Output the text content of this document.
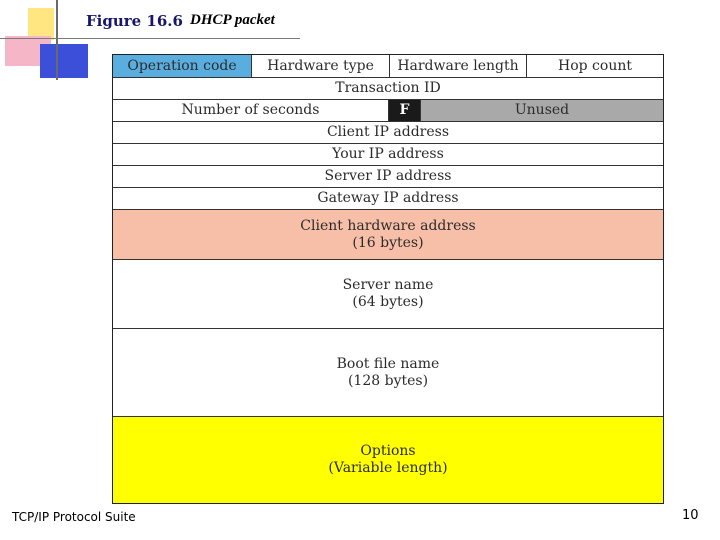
Figure 16.6 DHCP packet
Operation code	Hardware type	Hardware length	Hop count
Transaction ID
Number of seconds	F	Unused
Client IP address
Your IP address
Server IP address
Gateway IP address
Client hardware address
(16 bytes)
Server name
(64 bytes)
Boot file name
(128 bytes)
Options
(Variable length)
TCP/IP Protocol Suite	10
